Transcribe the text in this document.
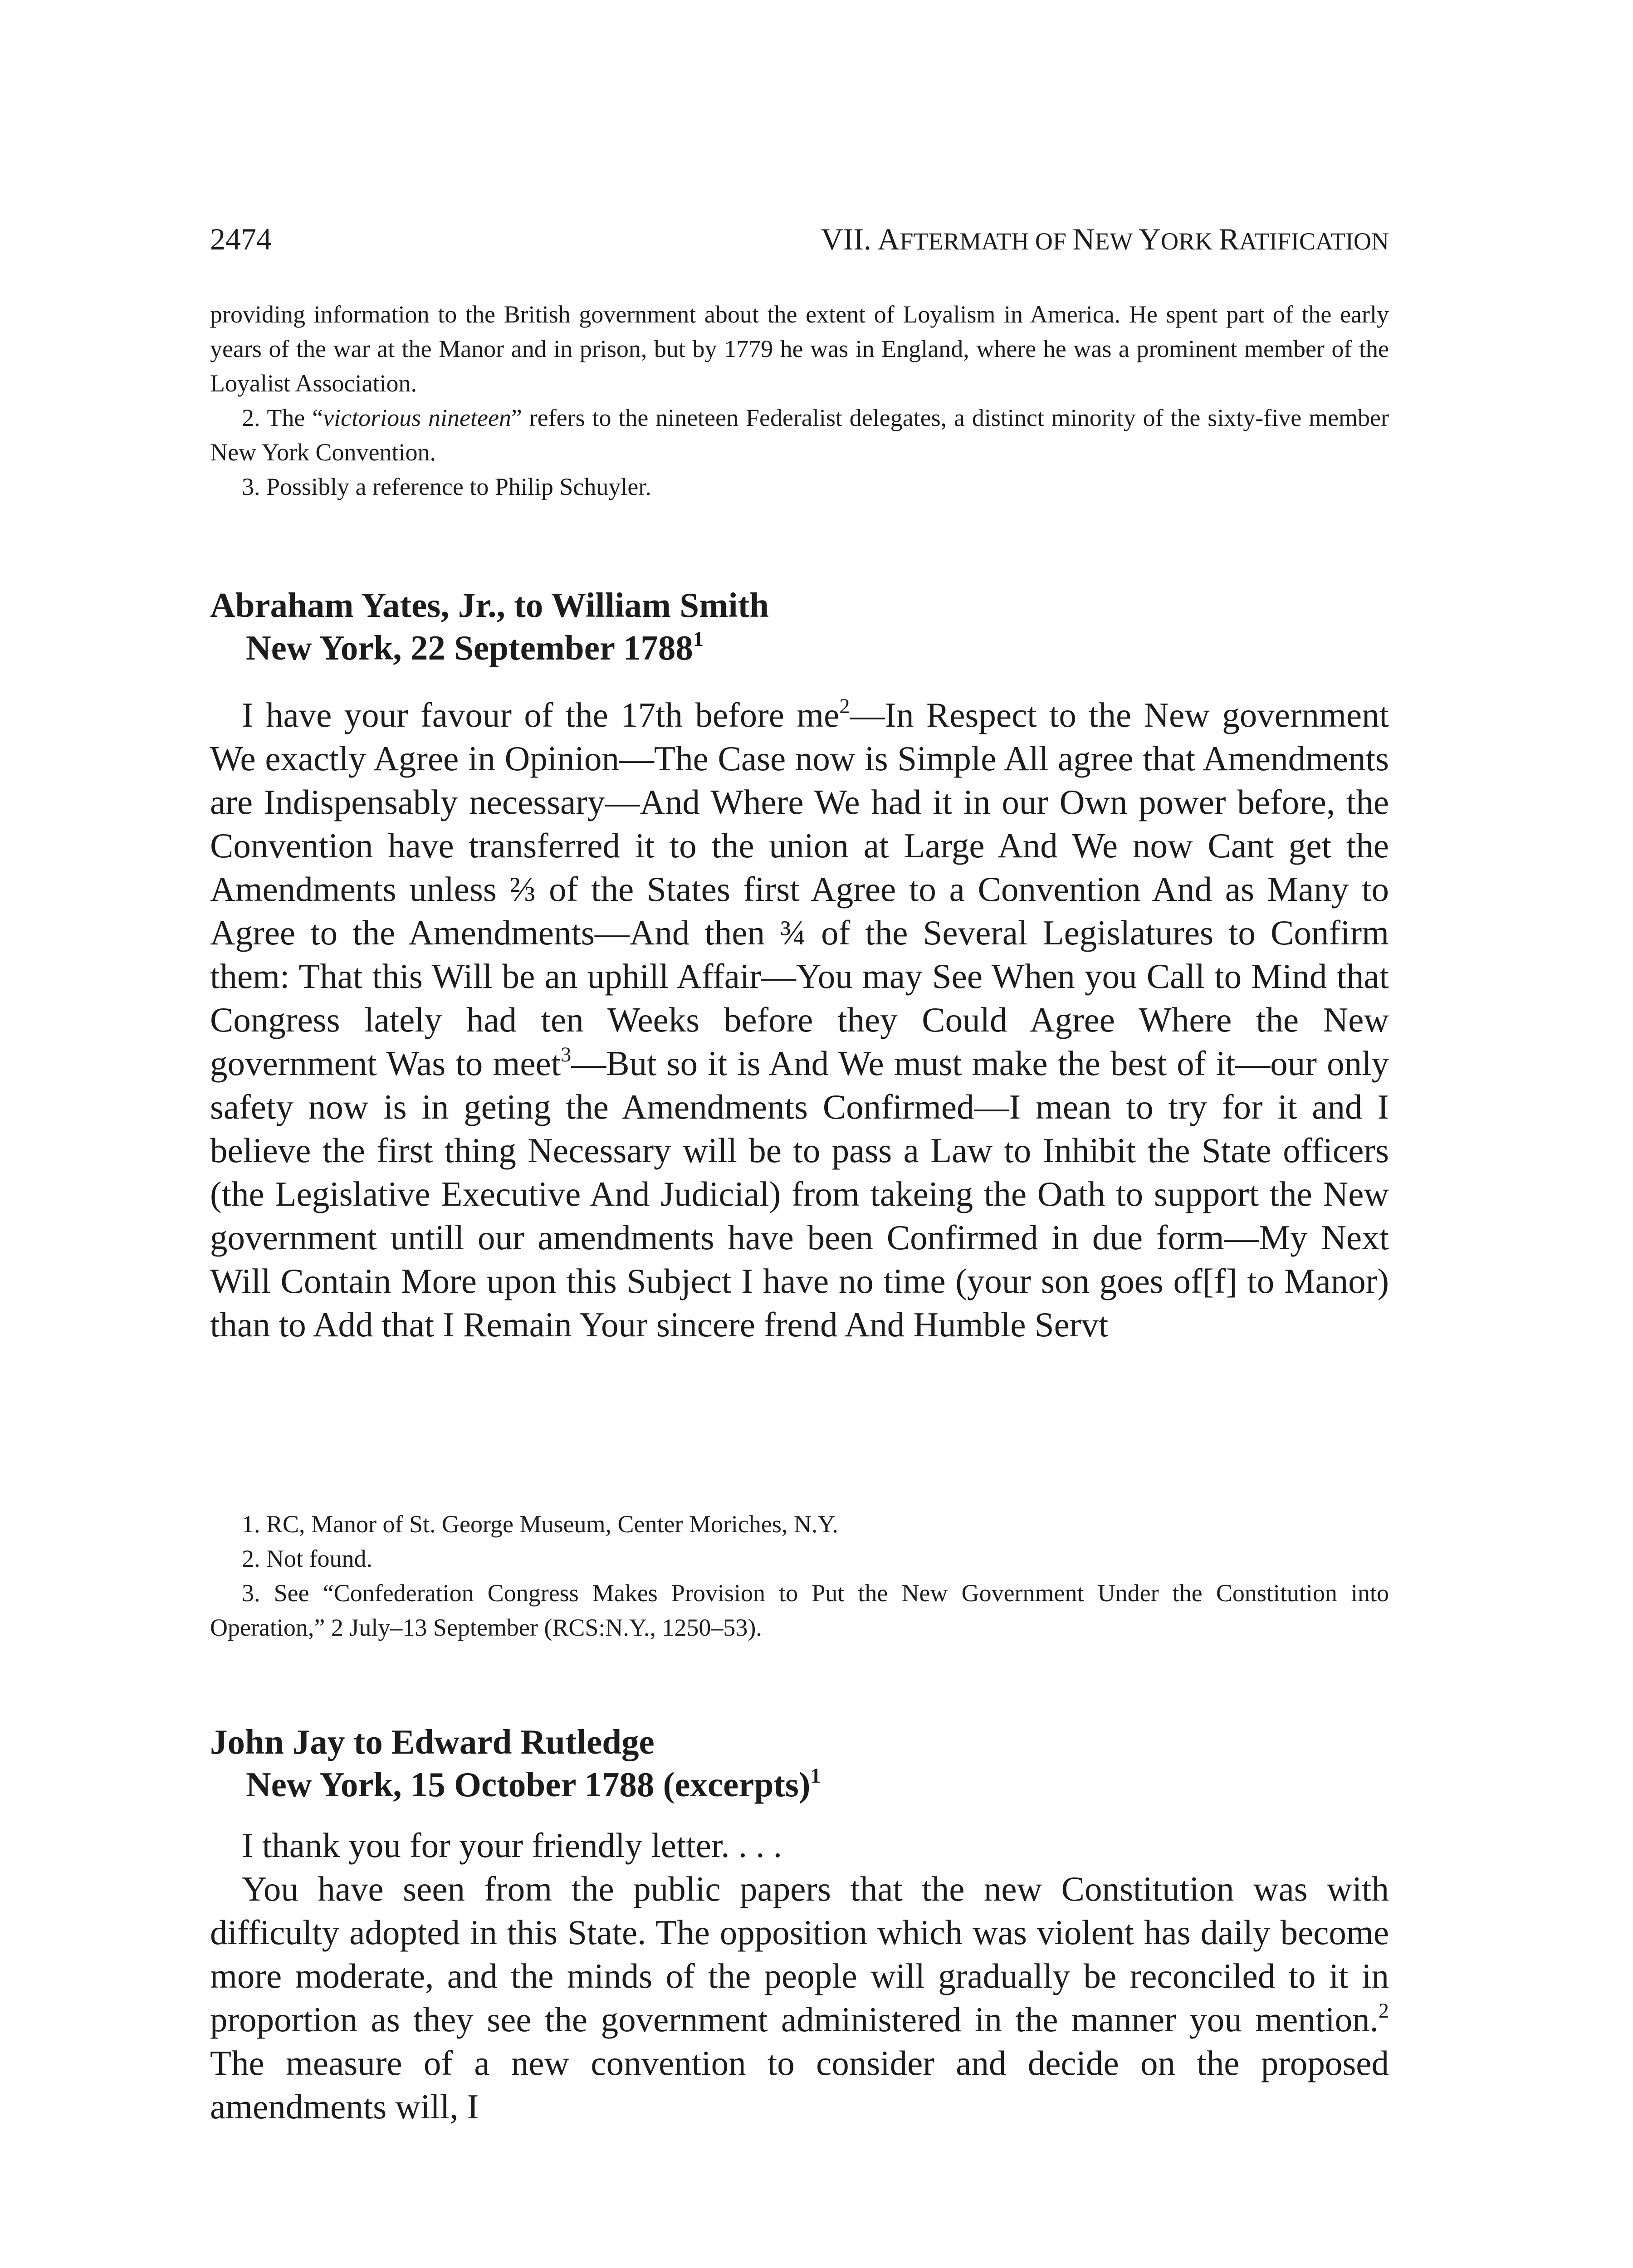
2474	VII. AFTERMATH OF NEW YORK RATIFICATION

providing information to the British government about the extent of Loyalism in America. He spent part of the early years of the war at the Manor and in prison, but by 1779 he was in England, where he was a prominent member of the Loyalist Association.

2. The “victorious nineteen” refers to the nineteen Federalist delegates, a distinct minority of the sixty-five member New York Convention.

3. Possibly a reference to Philip Schuyler.

Abraham Yates, Jr., to William Smith
New York, 22 September 1788$^1$

I have your favour of the 17th before $me^2—In$ Respect to the New government We exactly Agree in Opinion—The Case now is Simple All agree that Amendments are Indispensably necessary—And Where We had it in our Own power before, the Convention have transferred it to the union at Large And We now Cant get the Amendments unless ⅔ of the States first Agree to a Convention And as Many to Agree to the Amendments—And then ¾ of the Several Legislatures to Confirm them: That this Will be an uphill Affair—You may See When you Call to Mind that Congress lately had ten Weeks before they Could Agree Where the New government Was to meet$^3$—But so it is And We must make the best of it—our only safety now is in geting the Amendments Confirmed—I mean to try for it and I believe the first thing Necessary will be to pass a Law to Inhibit the State officers (the Legislative Executive And Judicial) from takeing the Oath to support the New government untill our amendments have been Confirmed in due form—My Next Will Contain More upon this Subject I have no time (your son goes of[f] to Manor) than to Add that I Remain Your sincere frend And Humble Servt

1. RC, Manor of St. George Museum, Center Moriches, N.Y.

2. Not found.

3. See “Confederation Congress Makes Provision to Put the New Government Under the Constitution into Operation,” 2 July–13 September (RCS:N.Y., 1250–53).

John Jay to Edward Rutledge
New York, 15 October 1788 (excerpts)$^1$

I thank you for your friendly letter. . . .

You have seen from the public papers that the new Constitution was with difficulty adopted in this State. The opposition which was violent has daily become more moderate, and the minds of the people will gradually be reconciled to it in proportion as they see the government administered in the manner you mention.$^2$ The measure of a new convention to consider and decide on the proposed amendments will, I
